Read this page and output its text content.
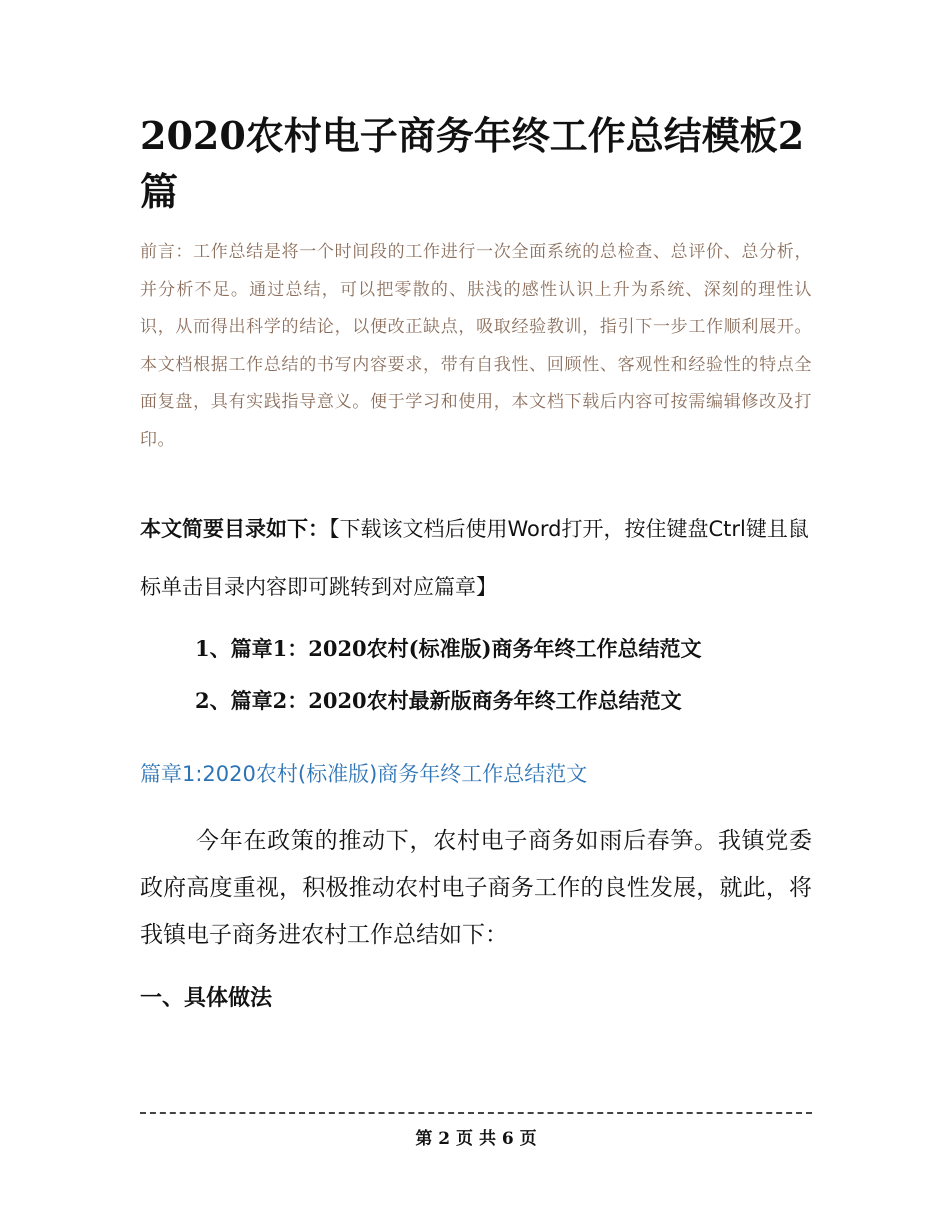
2020农村电子商务年终工作总结模板2篇

前言：工作总结是将一个时间段的工作进行一次全面系统的总检查、总评价、总分析，并分析不足。通过总结，可以把零散的、肤浅的感性认识上升为系统、深刻的理性认识，从而得出科学的结论，以便改正缺点，吸取经验教训，指引下一步工作顺利展开。本文档根据工作总结的书写内容要求，带有自我性、回顾性、客观性和经验性的特点全面复盘，具有实践指导意义。便于学习和使用，本文档下载后内容可按需编辑修改及打印。

本文简要目录如下：【下载该文档后使用Word打开，按住键盘Ctrl键且鼠标单击目录内容即可跳转到对应篇章】

1、篇章1：2020农村(标准版)商务年终工作总结范文
2、篇章2：2020农村最新版商务年终工作总结范文
篇章1:2020农村(标准版)商务年终工作总结范文

今年在政策的推动下，农村电子商务如雨后春笋。我镇党委政府高度重视，积极推动农村电子商务工作的良性发展，就此，将我镇电子商务进农村工作总结如下：

一、具体做法
第 2 页 共 6 页
